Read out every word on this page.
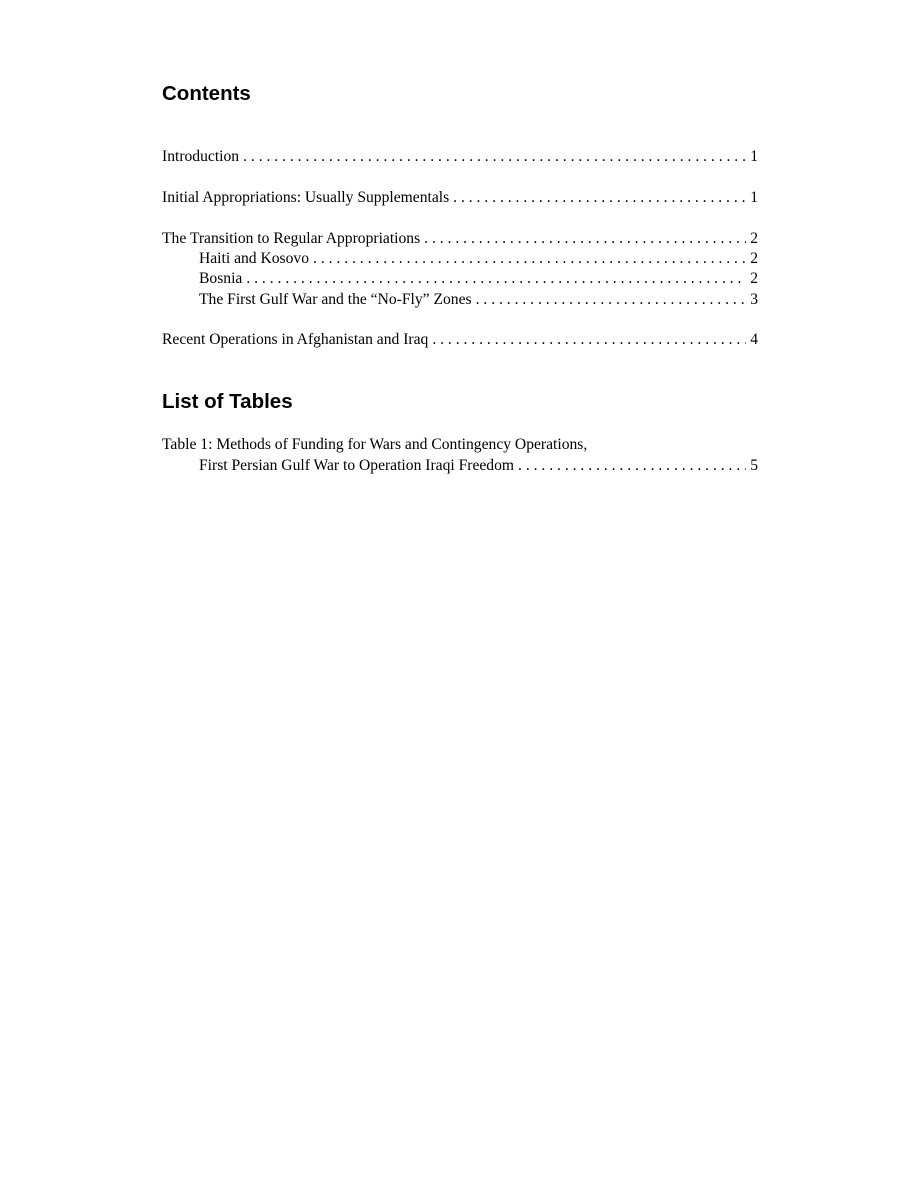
Contents
Introduction . . .	1
Initial Appropriations: Usually Supplementals . . .	1
The Transition to Regular Appropriations . . .	2
Haiti and Kosovo . . .	2
Bosnia . . .	2
The First Gulf War and the “No-Fly” Zones . . .	3
Recent Operations in Afghanistan and Iraq . . .	4
List of Tables
Table 1: Methods of Funding for Wars and Contingency Operations,
First Persian Gulf War to Operation Iraqi Freedom . . .	5
